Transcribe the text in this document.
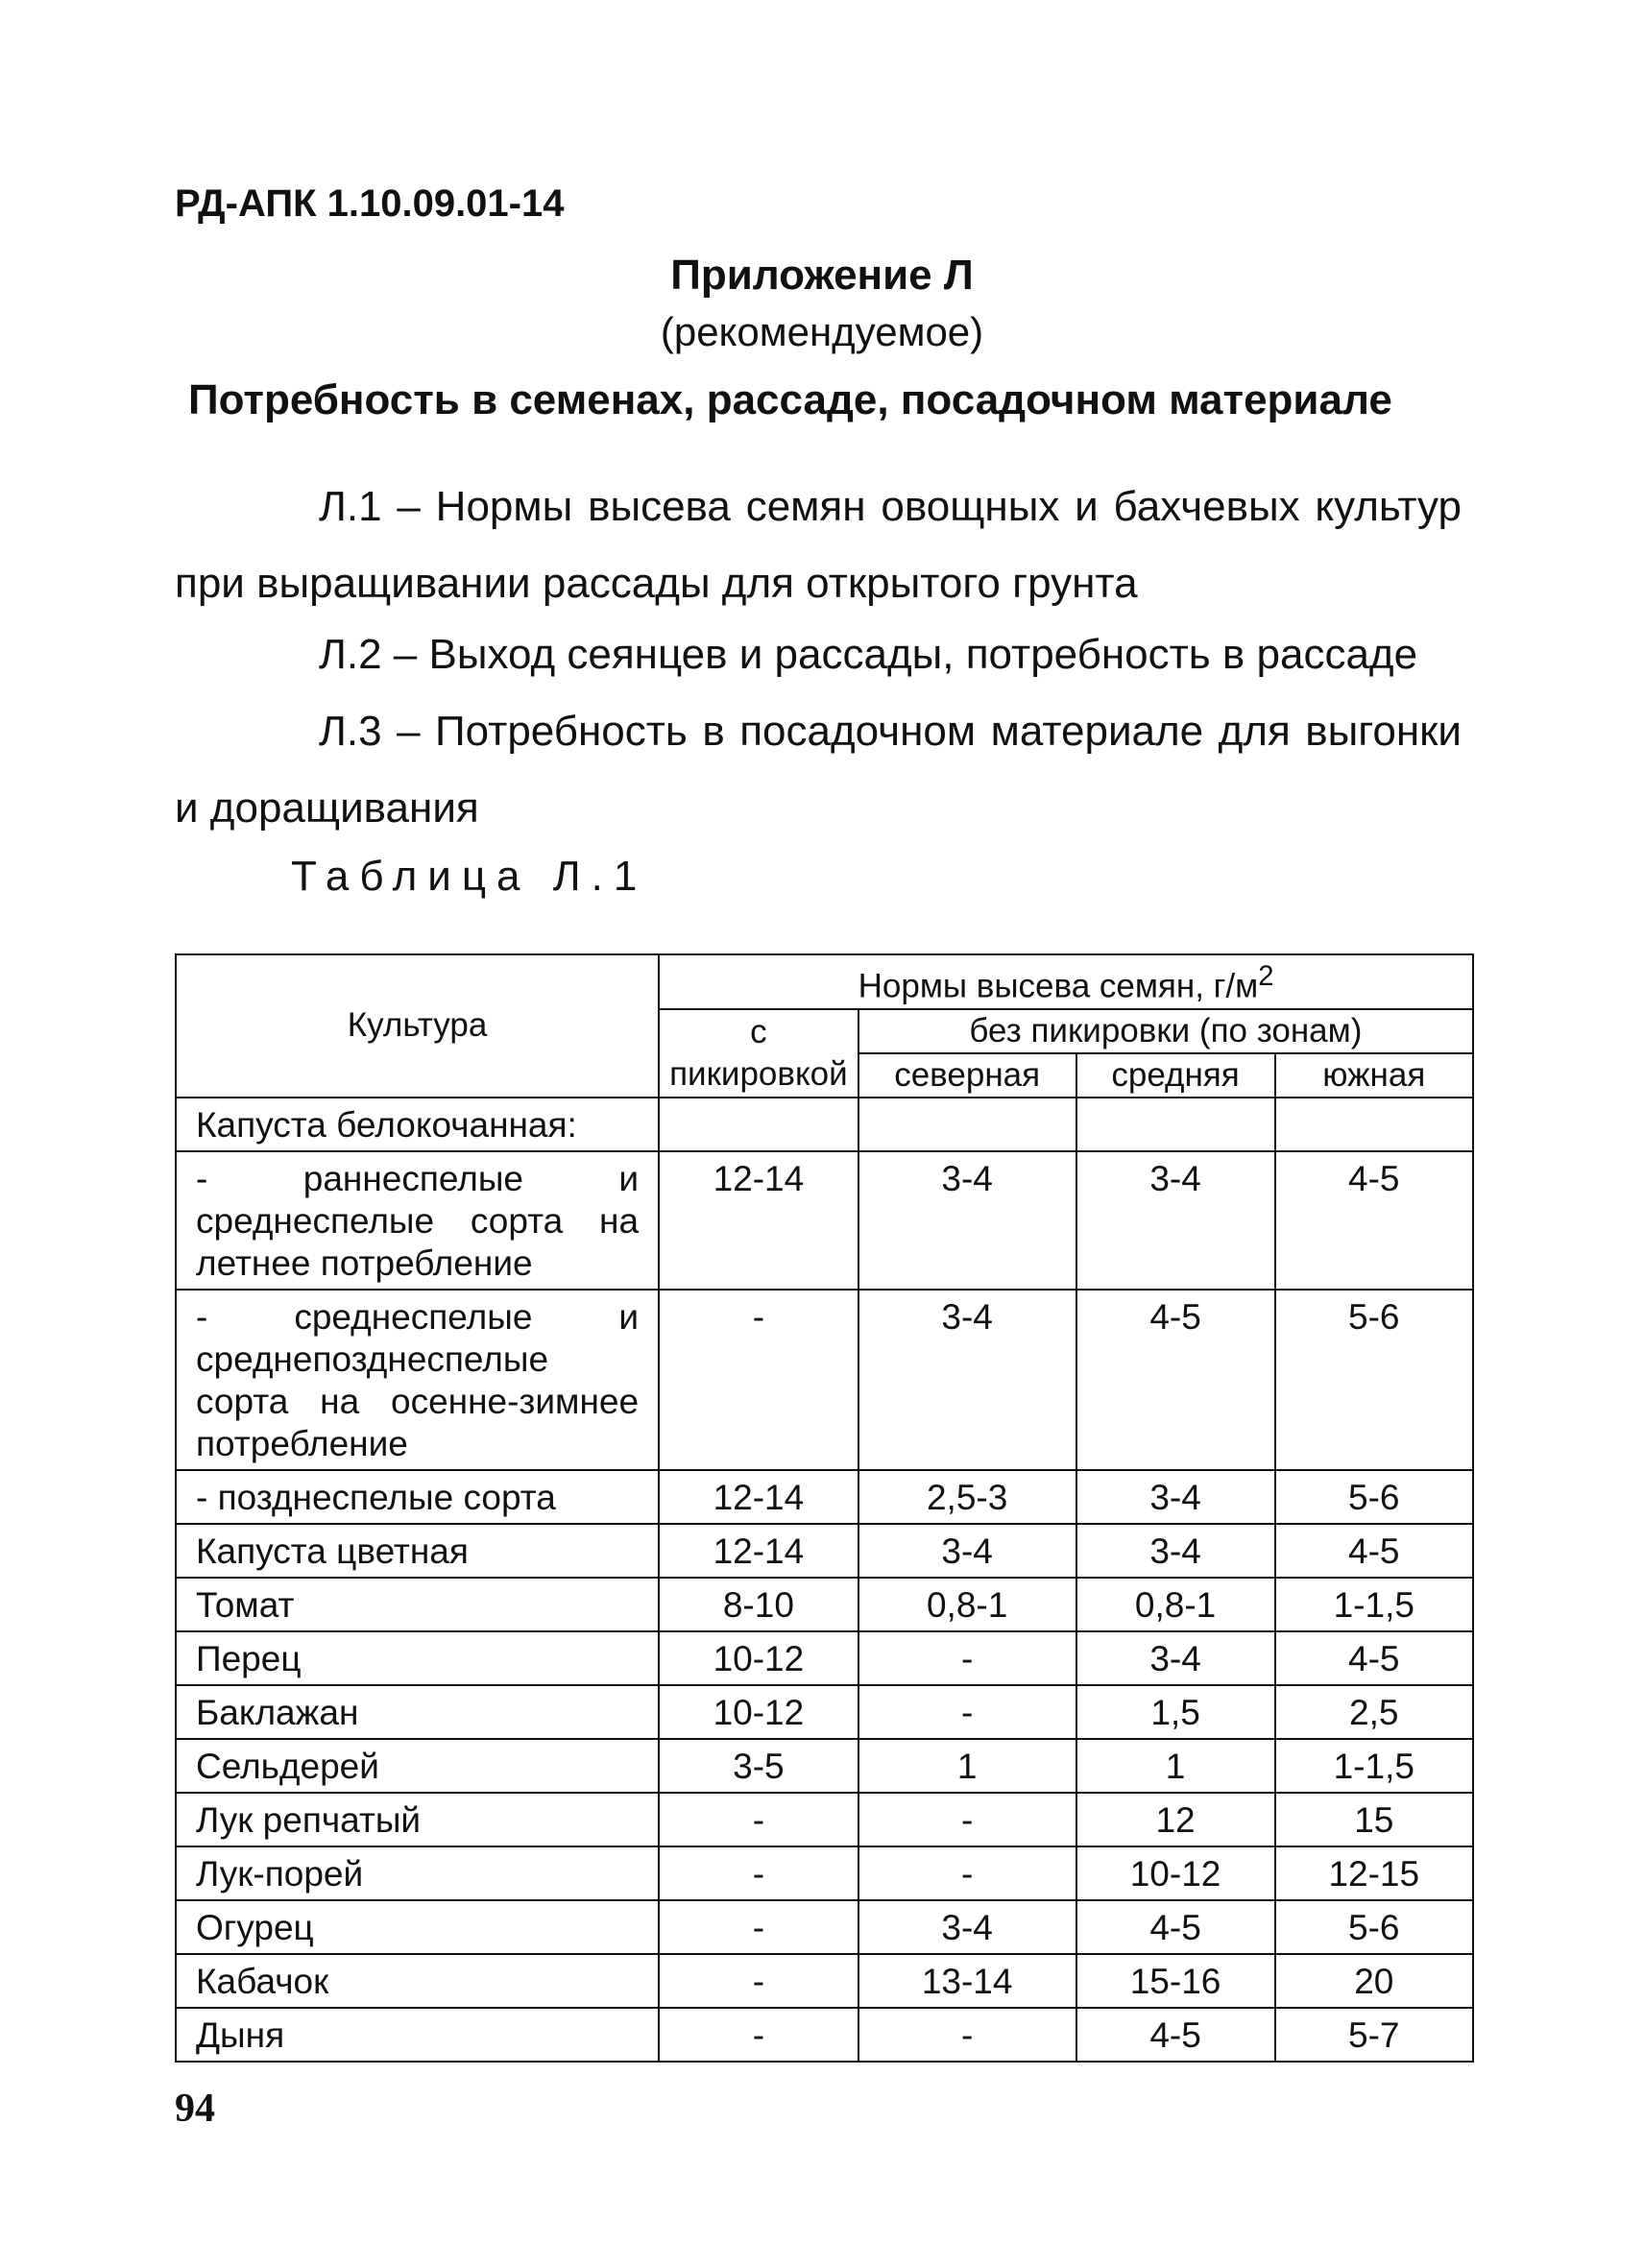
РД-АПК 1.10.09.01-14

Приложение Л

(рекомендуемое)

Потребность в семенах, рассаде, посадочном материале

Л.1 – Нормы высева семян овощных и бахчевых культур при выращивании рассады для открытого грунта

Л.2 – Выход сеянцев и рассады, потребность в рассаде

Л.3 – Потребность в посадочном материале для выгонки и доращивания

Таблица Л.1

Культура	Нормы высева семян, $г/м^2$
	с пикировкой	без пикировки (по зонам)		
		северная	средняя	южная
Капуста белокочанная:				
- раннеспелые и среднеспелые сорта на летнее потребление	12-14	3-4	3-4	4-5
- среднеспелые и среднепозднеспелые сорта на осенне-зимнее потребление	-	3-4	4-5	5-6
- позднеспелые сорта	12-14	2,5-3	3-4	5-6
Капуста цветная	12-14	3-4	3-4	4-5
Томат	8-10	0,8-1	0,8-1	1-1,5
Перец	10-12	-	3-4	4-5
Баклажан	10-12	-	1,5	2,5
Сельдерей	3-5	1	1	1-1,5
Лук репчатый	-	-	12	15
Лук-порей	-	-	10-12	12-15
Огурец	-	3-4	4-5	5-6
Кабачок	-	13-14	15-16	20
Дыня	-	-	4-5	5-7

94
